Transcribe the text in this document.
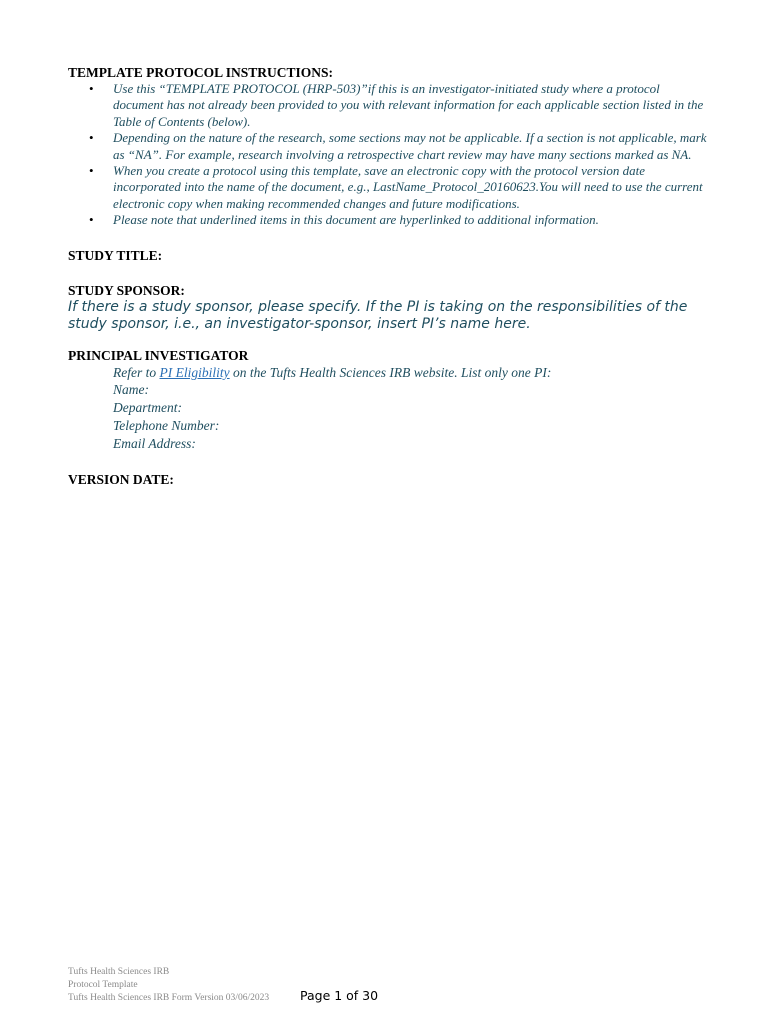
TEMPLATE PROTOCOL INSTRUCTIONS:

• Use this “TEMPLATE PROTOCOL (HRP-503)”if this is an investigator-initiated study where a protocol document has not already been provided to you with relevant information for each applicable section listed in the Table of Contents (below).
• Depending on the nature of the research, some sections may not be applicable. If a section is not applicable, mark as “NA”. For example, research involving a retrospective chart review may have many sections marked as NA.
• When you create a protocol using this template, save an electronic copy with the protocol version date incorporated into the name of the document, e.g., LastName_Protocol_20160623.You will need to use the current electronic copy when making recommended changes and future modifications.
• Please note that underlined items in this document are hyperlinked to additional information.

STUDY TITLE:

STUDY SPONSOR:

If there is a study sponsor, please specify. If the PI is taking on the responsibilities of the study sponsor, i.e., an investigator-sponsor, insert PI’s name here.

PRINCIPAL INVESTIGATOR

Refer to PI Eligibility on the Tufts Health Sciences IRB website. List only one PI:
Name:
Department:
Telephone Number:
Email Address:

VERSION DATE:

Tufts Health Sciences IRB
Protocol Template
Tufts Health Sciences IRB Form Version 03/06/2023 Page 1 of 30
